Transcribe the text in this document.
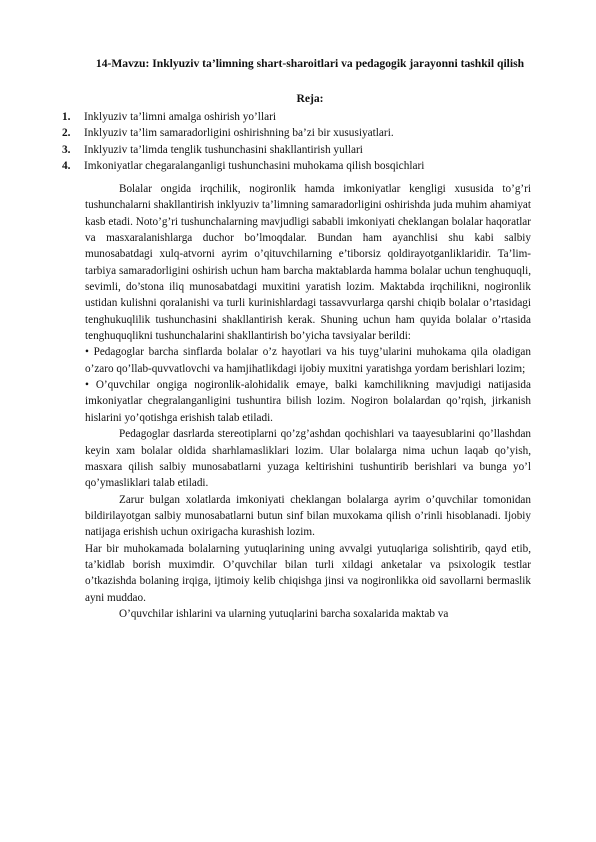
14-Mavzu: Inklyuziv ta’limning shart-sharoitlari va pedagogik jarayonni tashkil qilish
Reja:
1. Inklyuziv ta’limni amalga oshirish yo’llari
2. Inklyuziv ta’lim samaradorligini oshirishning ba’zi bir xususiyatlari.
3. Inklyuziv ta’limda tenglik tushunchasini shakllantirish yullari
4. Imkoniyatlar chegaralanganligi tushunchasini muhokama qilish bosqichlari

Bolalar ongida irqchilik, nogironlik hamda imkoniyatlar kengligi xususida to’g’ri tushunchalarni shakllantirish inklyuziv ta’limning samaradorligini oshirishda juda muhim ahamiyat kasb etadi. Noto’g’ri tushunchalarning mavjudligi sababli imkoniyati cheklangan bolalar haqoratlar va masxaralanishlarga duchor bo’lmoqdalar. Bundan ham ayanchlisi shu kabi salbiy munosabatdagi xulq-atvorni ayrim o’qituvchilarning e’tiborsiz qoldirayotganliklaridir. Ta’lim-tarbiya samaradorligini oshirish uchun ham barcha maktablarda hamma bolalar uchun tenghuquqli, sevimli, do’stona iliq munosabatdagi muxitini yaratish lozim. Maktabda irqchilikni, nogironlik ustidan kulishni qoralanishi va turli kurinishlardagi tassavvurlarga qarshi chiqib bolalar o’rtasidagi tenghukuqlilik tushunchasini shakllantirish kerak. Shuning uchun ham quyida bolalar o’rtasida tenghuquqlikni tushunchalarini shakllantirish bo’yicha tavsiyalar berildi:

• Pedagoglar barcha sinflarda bolalar o’z hayotlari va his tuyg’ularini muhokama qila oladigan o’zaro qo’llab-quvvatlovchi va hamjihatlikdagi ijobiy muxitni yaratishga yordam berishlari lozim;

• O’quvchilar ongiga nogironlik-alohidalik emaye, balki kamchilikning mavjudigi natijasida imkoniyatlar chegralanganligini tushuntira bilish lozim. Nogiron bolalardan qo’rqish, jirkanish hislarini yo’qotishga erishish talab etiladi.

Pedagoglar dasrlarda stereotiplarni qo’zg’ashdan qochishlari va taayesublarini qo’llashdan keyin xam bolalar oldida sharhlamasliklari lozim. Ular bolalarga nima uchun laqab qo’yish, masxara qilish salbiy munosabatlarni yuzaga keltirishini tushuntirib berishlari va bunga yo’l qo’ymasliklari talab etiladi.

Zarur bulgan xolatlarda imkoniyati cheklangan bolalarga ayrim o’quvchilar tomonidan bildirilayotgan salbiy munosabatlarni butun sinf bilan muxokama qilish o’rinli hisoblanadi. Ijobiy natijaga erishish uchun oxirigacha kurashish lozim.

Har bir muhokamada bolalarning yutuqlarining uning avvalgi yutuqlariga solishtirib, qayd etib, ta’kidlab borish muximdir. O’quvchilar bilan turli xildagi anketalar va psixologik testlar o’tkazishda bolaning irqiga, ijtimoiy kelib chiqishga jinsi va nogironlikka oid savollarni bermaslik ayni muddao.

O’quvchilar ishlarini va ularning yutuqlarini barcha soxalarida maktab va
